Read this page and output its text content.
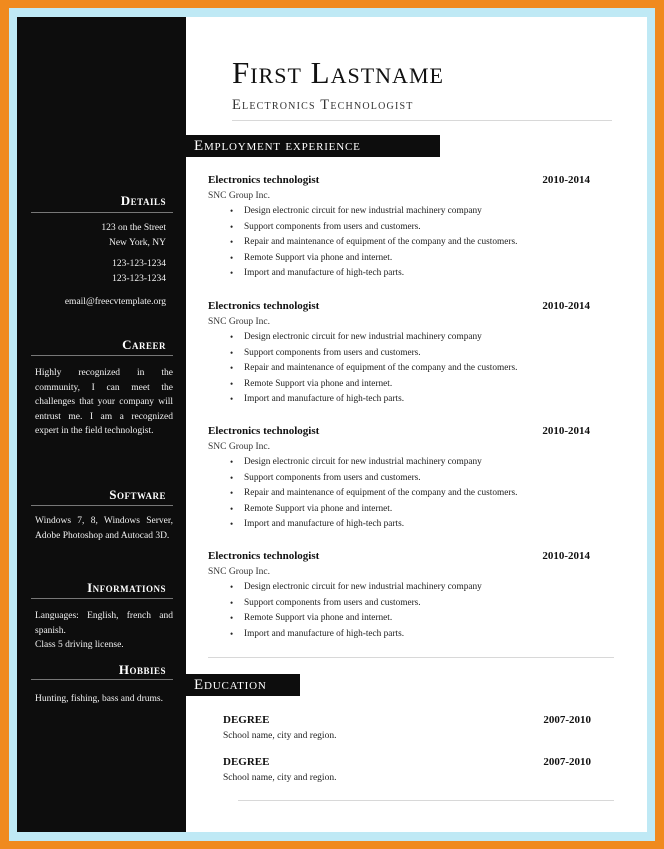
Details
123 on the Street
New York, NY
123-123-1234
123-123-1234
email@freecvtemplate.org
Career
Highly recognized in the community, I can meet the challenges that your company will entrust me. I am a recognized expert in the field technologist.
Software
Windows 7, 8, Windows Server, Adobe Photoshop and Autocad 3D.
Informations
Languages: English, french and spanish.
Class 5 driving license.
Hobbies
Hunting, fishing, bass and drums.
First Lastname
Electronics Technologist
Employment experience
Electronics technologist	2010-2014
SNC Group Inc.
• Design electronic circuit for new industrial machinery company
• Support components from users and customers.
• Repair and maintenance of equipment of the company and the customers.
• Remote Support via phone and internet.
• Import and manufacture of high-tech parts.
Electronics technologist	2010-2014
SNC Group Inc.
• Design electronic circuit for new industrial machinery company
• Support components from users and customers.
• Repair and maintenance of equipment of the company and the customers.
• Remote Support via phone and internet.
• Import and manufacture of high-tech parts.
Electronics technologist	2010-2014
SNC Group Inc.
• Design electronic circuit for new industrial machinery company
• Support components from users and customers.
• Repair and maintenance of equipment of the company and the customers.
• Remote Support via phone and internet.
• Import and manufacture of high-tech parts.
Electronics technologist	2010-2014
SNC Group Inc.
• Design electronic circuit for new industrial machinery company
• Support components from users and customers.
• Remote Support via phone and internet.
• Import and manufacture of high-tech parts.
Education
DEGREE	2007-2010
School name, city and region.
DEGREE	2007-2010
School name, city and region.
